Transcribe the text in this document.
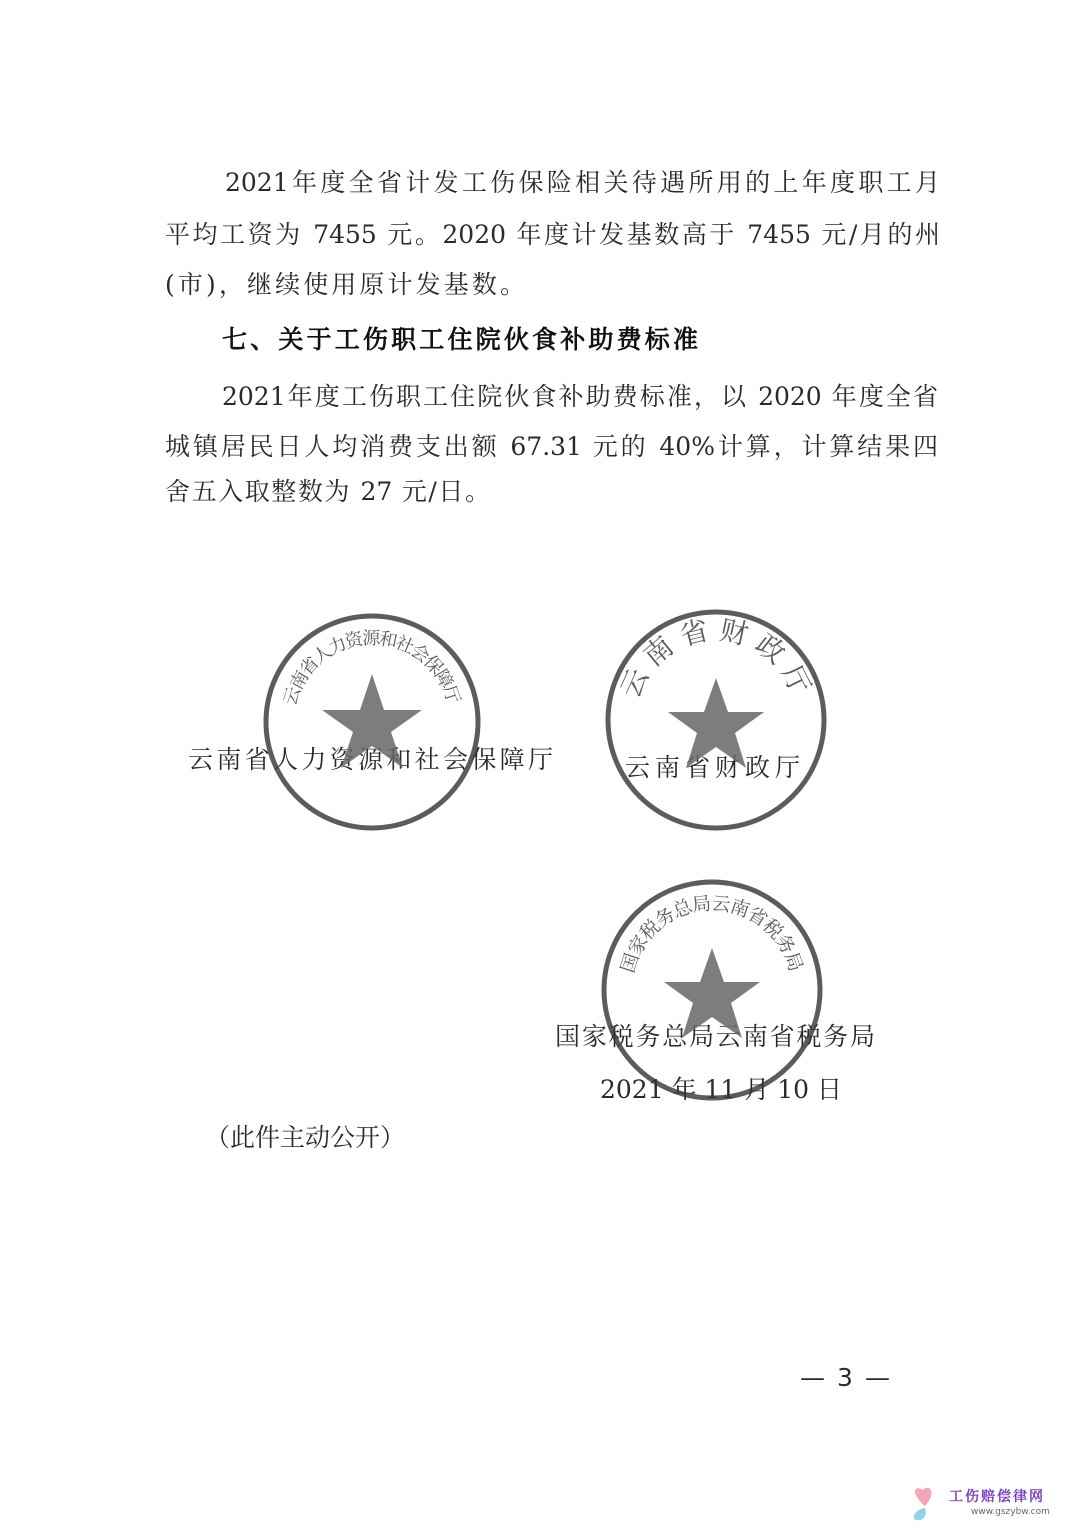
2021年度全省计发工伤保险相关待遇所用的上年度职工月
平均工资为 7455 元。2020 年度计发基数高于 7455 元/月的州
(市)，继续使用原计发基数。
七、关于工伤职工住院伙食补助费标准
2021年度工伤职工住院伙食补助费标准，以 2020 年度全省
城镇居民日人均消费支出额 67.31 元的 40%计算，计算结果四
舍五入取整数为 27 元/日。
云南省人力资源和社会保障厅	云南省财政厅
国家税务总局云南省税务局
2021 年 11 月 10 日
（此件主动公开）
— 3 —
云南省人力资源和社会保障厅	云南省财政厅
国家税务总局云南省税务局
工伤赔偿律网
www.gszybw.com
